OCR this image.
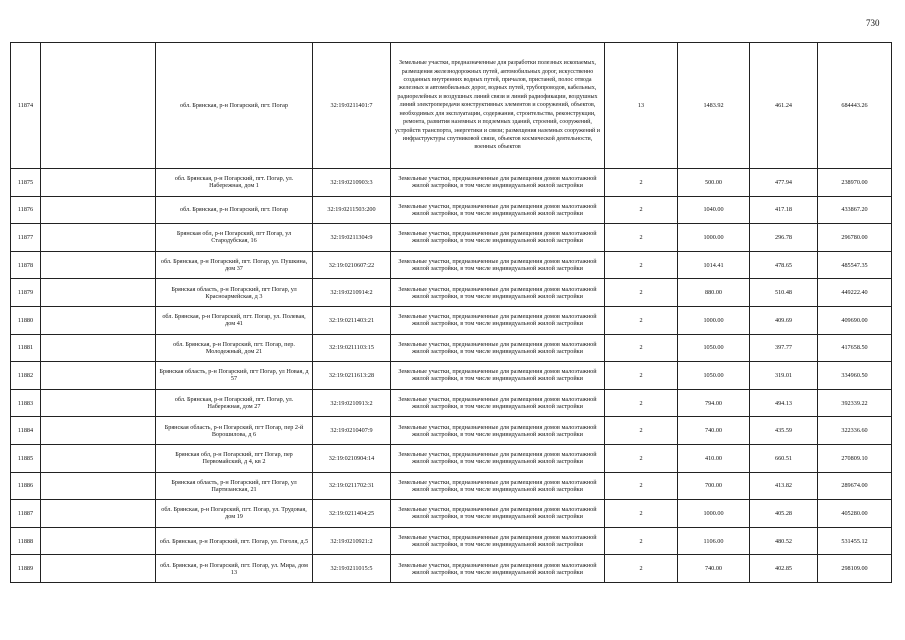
730
11874		обл. Брянская, р-н Погарский, пгт. Погар	32:19:0211401:7	Земельные участки, предназначенные для разработки полезных ископаемых, размещения железнодорожных путей, автомобильных дорог, искусственно созданных внутренних водных путей, причалов, пристаней, полос отвода железных и автомобильных дорог, водных путей, трубопроводов, кабельных, радиорелейных и воздушных линий связи и линий радиофикации, воздушных линий электропередачи конструктивных элементов и сооружений, объектов, необходимых для эксплуатации, содержания, строительства, реконструкции, ремонта, развития наземных и подземных зданий, строений, сооружений, устройств транспорта, энергетики и связи; размещения наземных сооружений и инфраструктуры спутниковой связи, объектов космической деятельности, военных объектов	13	1483.92	461.24	684443.26
11875		обл. Брянская, р-н Погарский, пгт. Погар, ул. Набережная, дом 1	32:19:0210903:3	Земельные участки, предназначенные для размещения домов малоэтажной жилой застройки, в том числе индивидуальной жилой застройки	2	500.00	477.94	238970.00
11876		обл. Брянская, р-н Погарский, пгт. Погар	32:19:0211503:200	Земельные участки, предназначенные для размещения домов малоэтажной жилой застройки, в том числе индивидуальной жилой застройки	2	1040.00	417.18	433867.20
11877		Брянская обл, р-н Погарский, пгт Погар, ул Стародубская, 16	32:19:0211304:9	Земельные участки, предназначенные для размещения домов малоэтажной жилой застройки, в том числе индивидуальной жилой застройки	2	1000.00	296.78	296780.00
11878		обл. Брянская, р-н Погарский, пгт. Погар, ул. Пушкина, дом 37	32:19:0210607:22	Земельные участки, предназначенные для размещения домов малоэтажной жилой застройки, в том числе индивидуальной жилой застройки	2	1014.41	478.65	485547.35
11879		Брянская область, р-н Погарский, пгт Погар, ул Красноармейская, д 3	32:19:0210914:2	Земельные участки, предназначенные для размещения домов малоэтажной жилой застройки, в том числе индивидуальной жилой застройки	2	880.00	510.48	449222.40
11880		обл. Брянская, р-н Погарский, пгт. Погар, ул. Полевая, дом 41	32:19:0211403:21	Земельные участки, предназначенные для размещения домов малоэтажной жилой застройки, в том числе индивидуальной жилой застройки	2	1000.00	409.69	409690.00
11881		обл. Брянская, р-н Погарский, пгт. Погар, пер. Молодежный, дом 21	32:19:0211103:15	Земельные участки, предназначенные для размещения домов малоэтажной жилой застройки, в том числе индивидуальной жилой застройки	2	1050.00	397.77	417658.50
11882		Брянская область, р-н Погарский, пгт Погар, ул Новая, д 57	32:19:0211613:28	Земельные участки, предназначенные для размещения домов малоэтажной жилой застройки, в том числе индивидуальной жилой застройки	2	1050.00	319.01	334960.50
11883		обл. Брянская, р-н Погарский, пгт. Погар, ул. Набережная, дом 27	32:19:0210913:2	Земельные участки, предназначенные для размещения домов малоэтажной жилой застройки, в том числе индивидуальной жилой застройки	2	794.00	494.13	392339.22
11884		Брянская область, р-н Погарский, пгт Погар, пер 2-й Ворошилова, д 6	32:19:0210407:9	Земельные участки, предназначенные для размещения домов малоэтажной жилой застройки, в том числе индивидуальной жилой застройки	2	740.00	435.59	322336.60
11885		Брянская обл, р-н Погарский, пгт Погар, пер Первомайский, д 4, кв 2	32:19:0210904:14	Земельные участки, предназначенные для размещения домов малоэтажной жилой застройки, в том числе индивидуальной жилой застройки	2	410.00	660.51	270809.10
11886		Брянская область, р-н Погарский, пгт Погар, ул Партизанская, 21	32:19:0211702:31	Земельные участки, предназначенные для размещения домов малоэтажной жилой застройки, в том числе индивидуальной жилой застройки	2	700.00	413.82	289674.00
11887		обл. Брянская, р-н Погарский, пгт. Погар, ул. Трудовая, дом 19	32:19:0211404:25	Земельные участки, предназначенные для размещения домов малоэтажной жилой застройки, в том числе индивидуальной жилой застройки	2	1000.00	405.28	405280.00
11888		обл. Брянская, р-н Погарский, пгт. Погар, ул. Гоголя, д.5	32:19:0210921:2	Земельные участки, предназначенные для размещения домов малоэтажной жилой застройки, в том числе индивидуальной жилой застройки	2	1106.00	480.52	531455.12
11889		обл. Брянская, р-н Погарский, пгт. Погар, ул. Мира, дом 13	32:19:0211015:5	Земельные участки, предназначенные для размещения домов малоэтажной жилой застройки, в том числе индивидуальной жилой застройки	2	740.00	402.85	298109.00
